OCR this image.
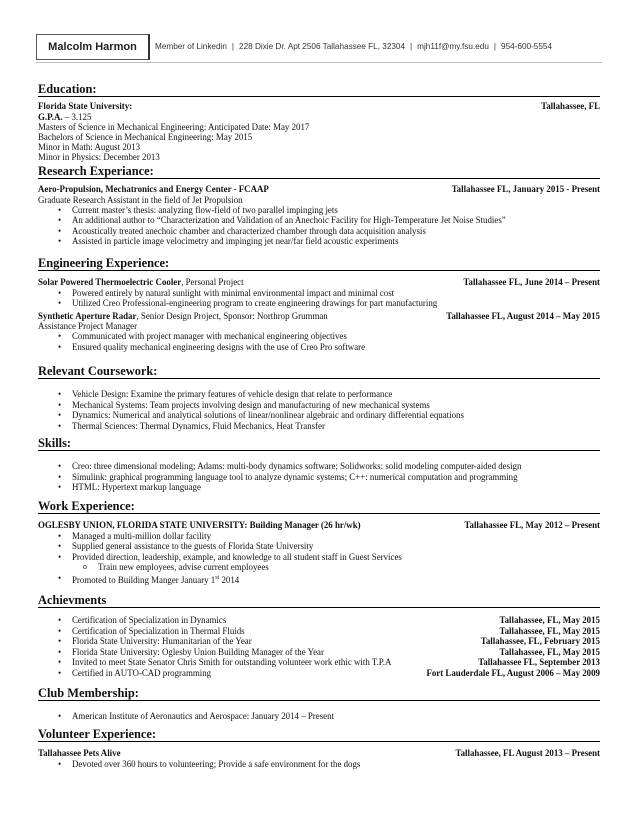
Malcolm Harmon	Member of Linkedin | 228 Dixie Dr. Apt 2506 Tallahassee FL, 32304 | mjh11f@my.fsu.edu | 954-600-5554
Education:
Florida State University:	Tallahassee, FL
G.P.A. – 3.125
Masters of Science in Mechanical Engineering: Anticipated Date: May 2017
Bachelors of Science in Mechanical Engineering: May 2015
Minor in Math: August 2013
Minor in Physics: December 2013
Research Experiance:
Aero-Propulsion, Mechatronics and Energy Center - FCAAP	Tallahassee FL, January 2015 - Present
Graduate Research Assistant in the field of Jet Propulsion
• Current master’s thesis: analyzing flow-field of two parallel impinging jets
• An additional author to “Characterization and Validation of an Anechoic Facility for High-Temperature Jet Noise Studies”
• Acoustically treated anechoic chamber and characterized chamber through data acquisition analysis
• Assisted in particle image velocimetry and impinging jet near/far field acoustic experiments
Engineering Experience:
Solar Powered Thermoelectric Cooler, Personal Project	Tallahassee FL, June 2014 – Present
• Powered entirely by natural sunlight with minimal environmental impact and minimal cost
• Utilized Creo Professional-engineering program to create engineering drawings for part manufacturing
Synthetic Aperture Radar, Senior Design Project, Sponsor: Northrop Grumman	Tallahassee FL, August 2014 – May 2015
Assistance Project Manager
• Communicated with project manager with mechanical engineering objectives
• Ensured quality mechanical engineering designs with the use of Creo Pro software
Relevant Coursework:
• Vehicle Design: Examine the primary features of vehicle design that relate to performance
• Mechanical Systems: Team projects involving design and manufacturing of new mechanical systems
• Dynamics: Numerical and analytical solutions of linear/nonlinear algebraic and ordinary differential equations
• Thermal Sciences: Thermal Dynamics, Fluid Mechanics, Heat Transfer
Skills:
• Creo: three dimensional modeling; Adams: multi-body dynamics software; Solidworks: solid modeling computer-aided design
• Simulink: graphical programming language tool to analyze dynamic systems; C++: numerical computation and programming
• HTML: Hypertext markup language
Work Experience:
OGLESBY UNION, FLORIDA STATE UNIVERSITY: Building Manager (26 hr/wk)	Tallahassee FL, May 2012 – Present
• Managed a multi-million dollar facility
• Supplied general assistance to the guests of Florida State University
• Provided direction, leadership, example, and knowledge to all student staff in Guest Services
o Train new employees, advise current employees
• Promoted to Building Manger January 1st 2014
Achievments
• Certification of Specialization in Dynamics	Tallahassee, FL, May 2015
• Certification of Specialization in Thermal Fluids	Tallahassee, FL, May 2015
• Florida State University: Humanitarian of the Year	Tallahassee, FL, February 2015
• Florida State University: Oglesby Union Building Manager of the Year	Tallahassee, FL, May 2015
• Invited to meet State Senator Chris Smith for outstanding volunteer work ethic with T.P.A	Tallahassee FL, September 2013
• Certified in AUTO-CAD programming	Fort Lauderdale FL, August 2006 – May 2009
Club Membership:
• American Institute of Aeronautics and Aerospace: January 2014 – Present
Volunteer Experience:
Tallahassee Pets Alive	Tallahassee, FL August 2013 – Present
• Devoted over 360 hours to volunteering; Provide a safe environment for the dogs
